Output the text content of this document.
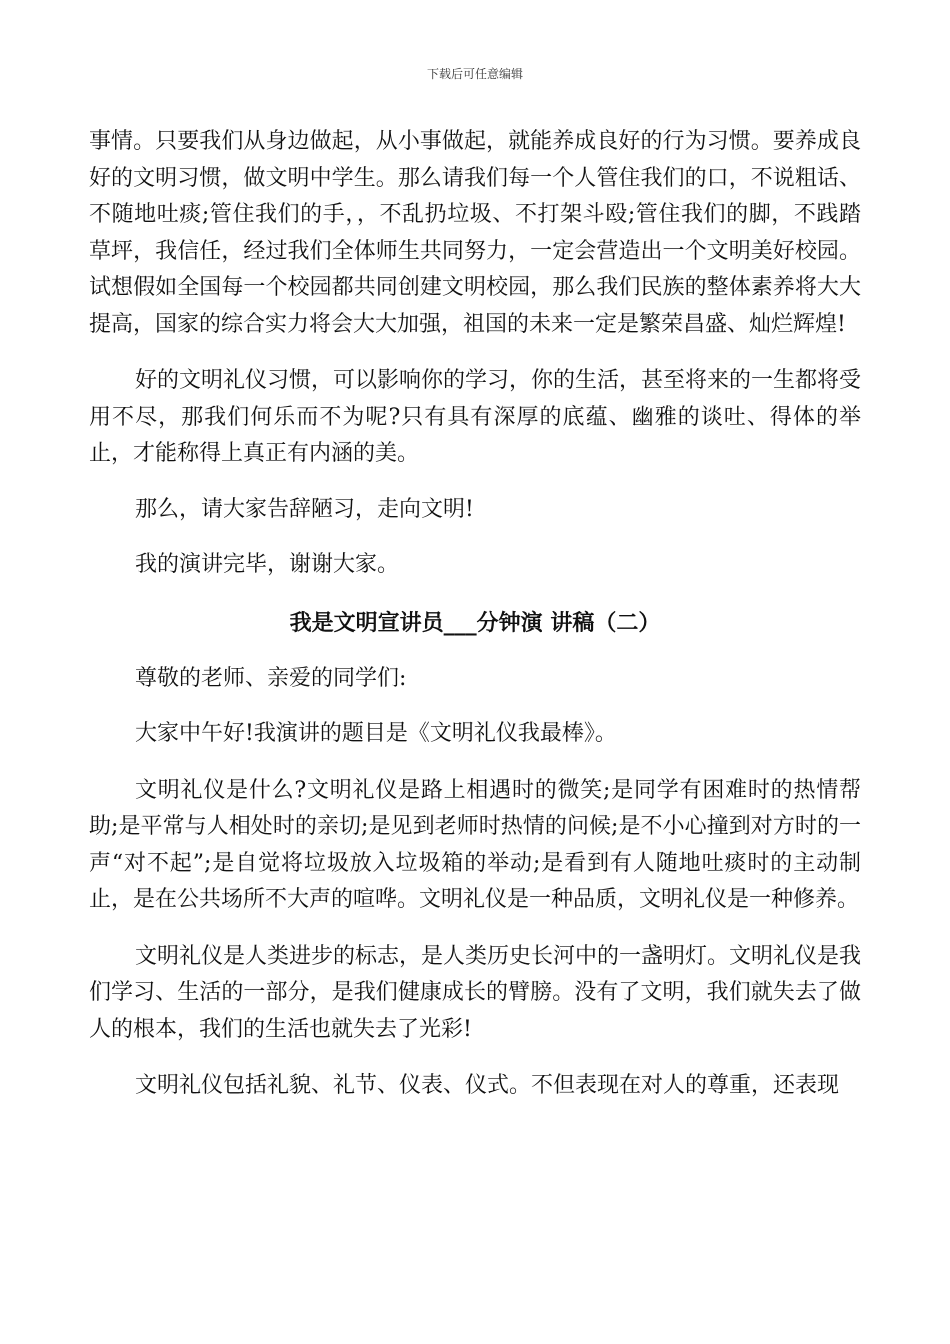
下载后可任意编辑

事情。只要我们从身边做起，从小事做起，就能养成良好的行为习惯。要养成良好的文明习惯，做文明中学生。那么请我们每一个人管住我们的口，不说粗话、不随地吐痰;管住我们的手，，不乱扔垃圾、不打架斗殴;管住我们的脚，不践踏草坪，我信任，经过我们全体师生共同努力，一定会营造出一个文明美好校园。试想假如全国每一个校园都共同创建文明校园，那么我们民族的整体素养将大大提高，国家的综合实力将会大大加强，祖国的未来一定是繁荣昌盛、灿烂辉煌!

好的文明礼仪习惯，可以影响你的学习，你的生活，甚至将来的一生都将受用不尽，那我们何乐而不为呢?只有具有深厚的底蕴、幽雅的谈吐、得体的举止，才能称得上真正有内涵的美。

那么，请大家告辞陋习，走向文明!

我的演讲完毕，谢谢大家。

我是文明宣讲员___分钟演 讲稿（二）

尊敬的老师、亲爱的同学们:

大家中午好!我演讲的题目是《文明礼仪我最棒》。

文明礼仪是什么?文明礼仪是路上相遇时的微笑;是同学有困难时的热情帮助;是平常与人相处时的亲切;是见到老师时热情的问候;是不小心撞到对方时的一声“对不起”;是自觉将垃圾放入垃圾箱的举动;是看到有人随地吐痰时的主动制止，是在公共场所不大声的喧哗。文明礼仪是一种品质，文明礼仪是一种修养。

文明礼仪是人类进步的标志，是人类历史长河中的一盏明灯。文明礼仪是我们学习、生活的一部分，是我们健康成长的臂膀。没有了文明，我们就失去了做人的根本，我们的生活也就失去了光彩!

文明礼仪包括礼貌、礼节、仪表、仪式。不但表现在对人的尊重，还表现
